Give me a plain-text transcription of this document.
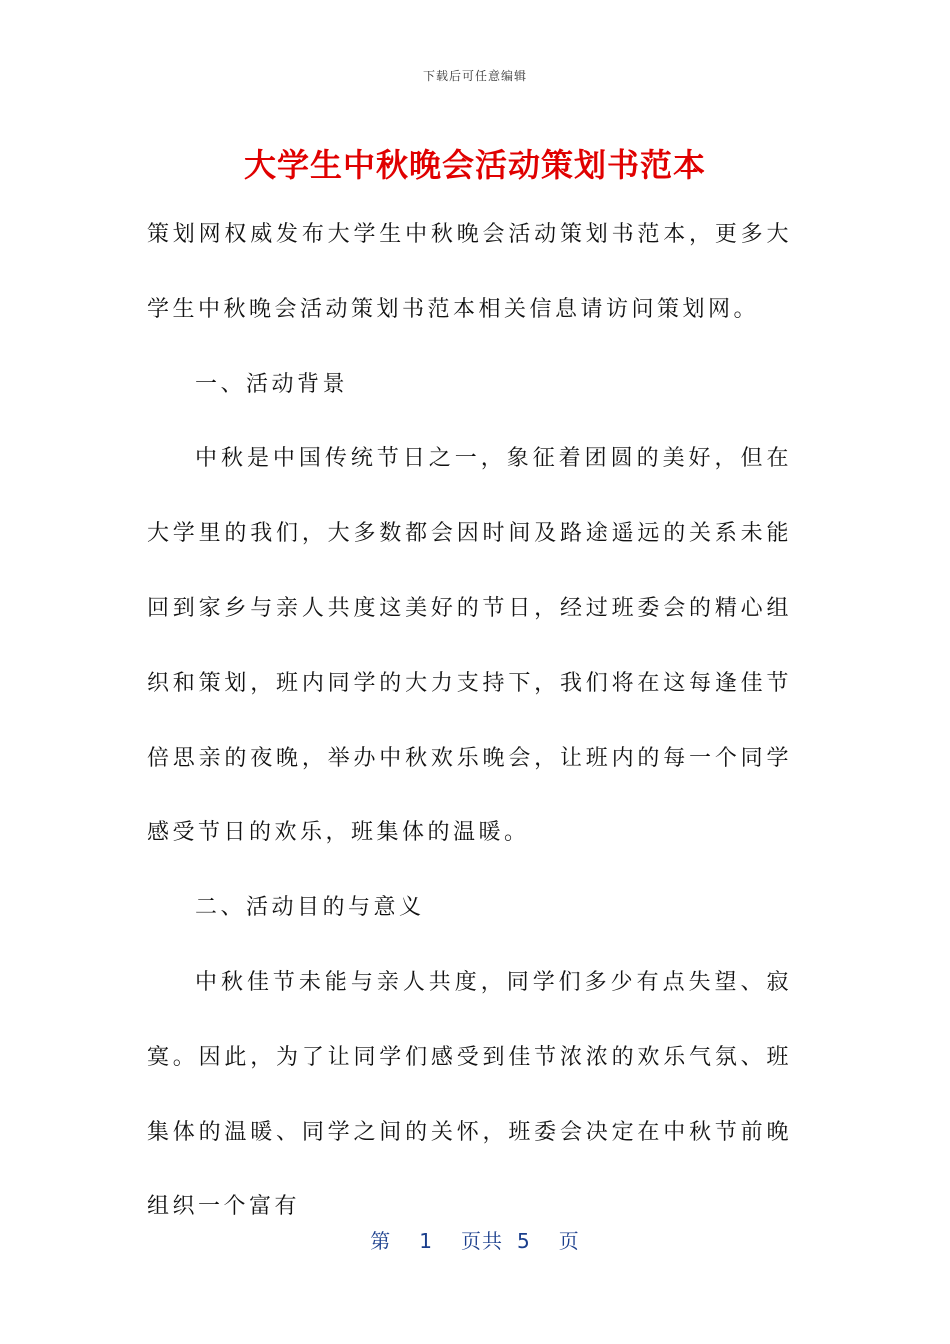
下载后可任意编辑
大学生中秋晚会活动策划书范本

策划网权威发布大学生中秋晚会活动策划书范本，更多大学生中秋晚会活动策划书范本相关信息请访问策划网。

一、活动背景

中秋是中国传统节日之一，象征着团圆的美好，但在大学里的我们，大多数都会因时间及路途遥远的关系未能回到家乡与亲人共度这美好的节日，经过班委会的精心组织和策划，班内同学的大力支持下，我们将在这每逢佳节倍思亲的夜晚，举办中秋欢乐晚会，让班内的每一个同学感受节日的欢乐，班集体的温暖。

二、活动目的与意义

中秋佳节未能与亲人共度，同学们多少有点失望、寂寞。因此，为了让同学们感受到佳节浓浓的欢乐气氛、班集体的温暖、同学之间的关怀，班委会决定在中秋节前晚组织一个富有

第 1 页共 5 页
